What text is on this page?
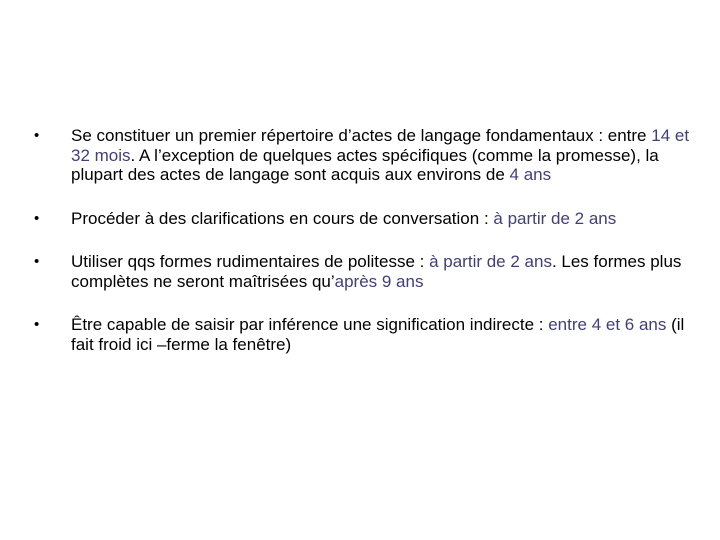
•	Se constituer un premier répertoire d’actes de langage fondamentaux : entre 14 et 32 mois. A l’exception de quelques actes spécifiques (comme la promesse), la plupart des actes de langage sont acquis aux environs de 4 ans
•	Procéder à des clarifications en cours de conversation : à partir de 2 ans
•	Utiliser qqs formes rudimentaires de politesse : à partir de 2 ans. Les formes plus complètes ne seront maîtrisées qu’après 9 ans
•	Être capable de saisir par inférence une signification indirecte : entre 4 et 6 ans (il fait froid ici –ferme la fenêtre)
